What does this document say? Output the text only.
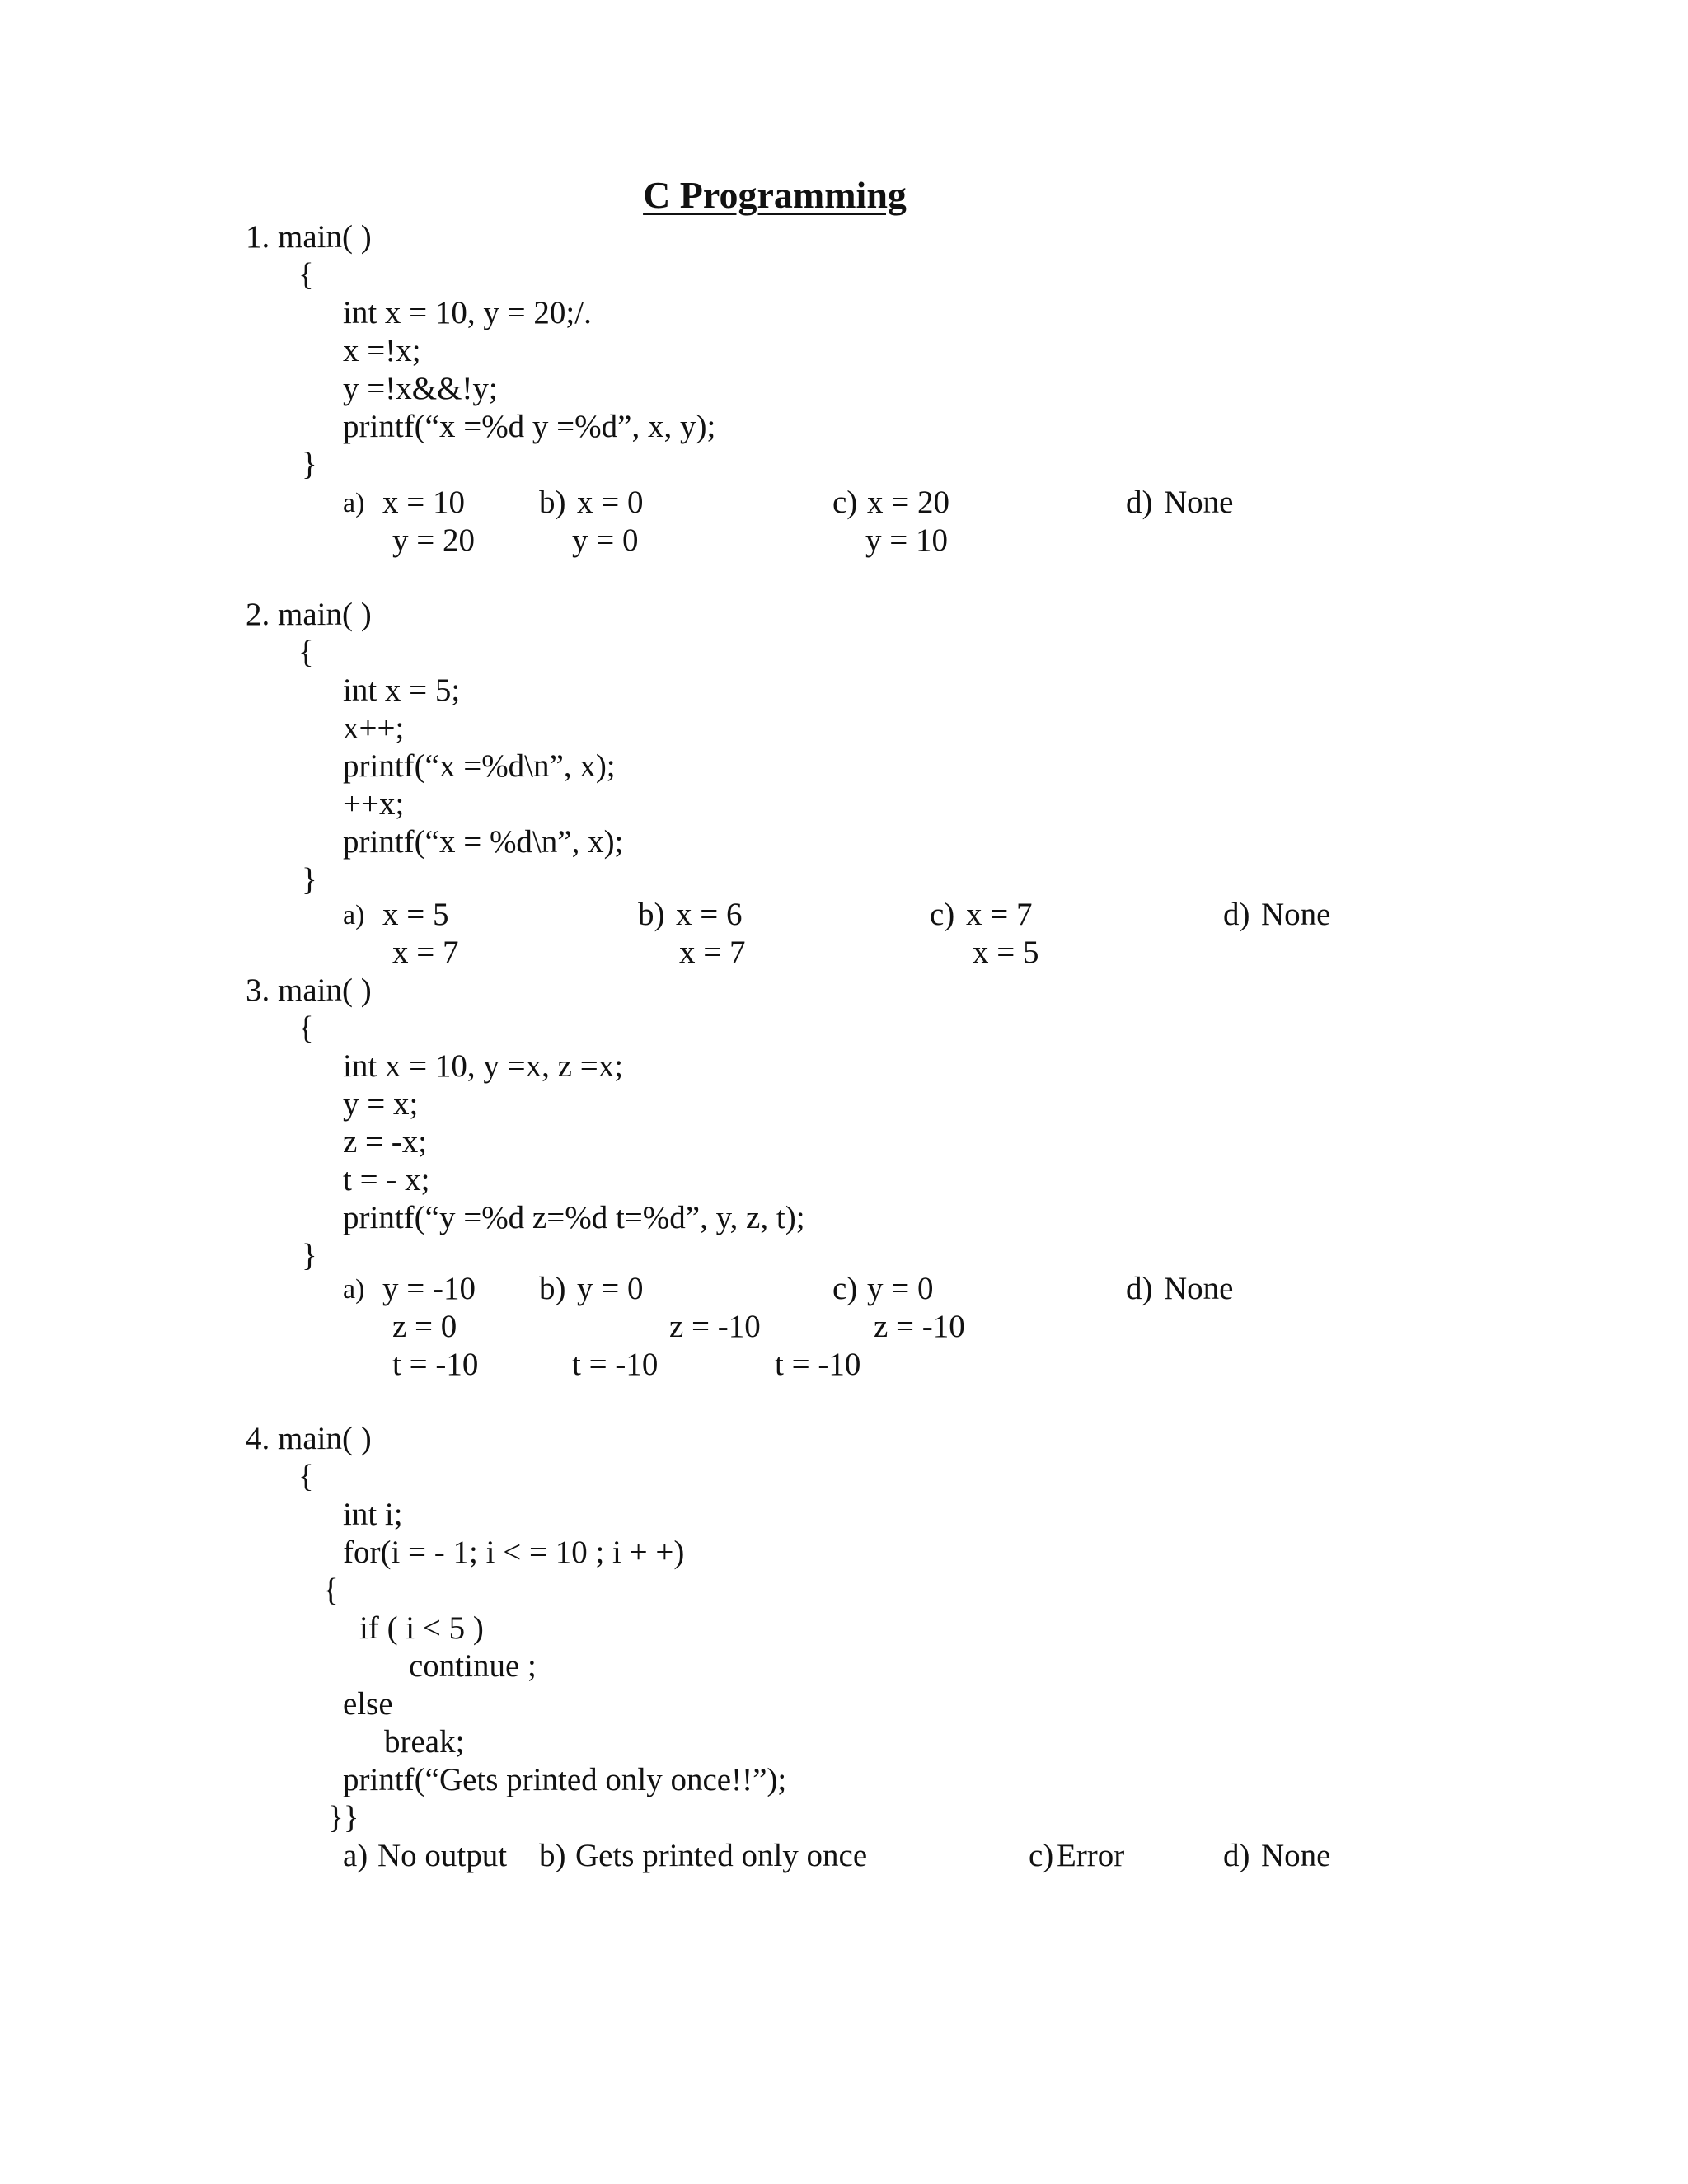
C Programming
1. main( )
{
int x = 10, y = 20;/.
x =!x;
y =!x&&!y;
printf(“x =%d y =%d”, x, y);
}
a) x = 10
y = 20
b) x = 0
y = 0
c) x = 20
y = 10
d) None
2. main( )
{
int x = 5;
x++;
printf(“x =%d\n”, x);
++x;
printf(“x = %d\n”, x);
}
a) x = 5
x = 7
b) x = 6
x = 7
c) x = 7
x = 5
d) None
3. main( )
{
int x = 10, y =x, z =x;
y = x;
z = -x;
t = - x;
printf(“y =%d z=%d t=%d”, y, z, t);
}
a) y = -10
z = 0
t = -10
b) y = 0
z = -10
t = -10
c) y = 0
z = -10
t = -10
d) None
4. main( )
{
int i;
for(i = - 1; i < = 10 ; i + +)
{
if ( i < 5 )
continue ;
else
break;
printf(“Gets printed only once!!”);
}}
a) No output b) Gets printed only once	c) Error	d) None
